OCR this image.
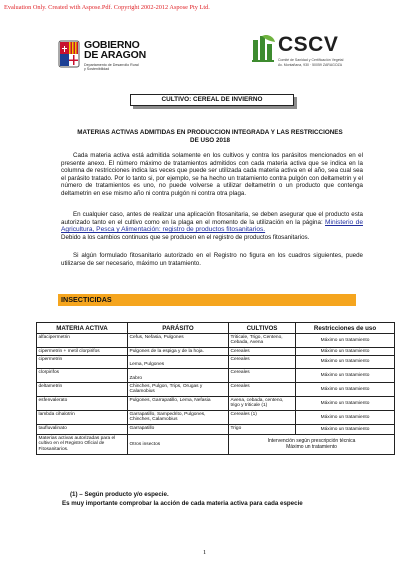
Evaluation Only. Created with Aspose.Pdf. Copyright 2002-2012 Aspose Pty Ltd.
GOBIERNO
DE ARAGON
Departamento de Desarrollo Rural
y Sostenibilidad
CSCV
Comité de Sanidad y Certificación Vegetal
Av. Montañana, 930 · 50059 ZARAGOZA
CULTIVO: CEREAL DE INVIERNO
MATERIAS ACTIVAS ADMITIDAS EN PRODUCCION INTEGRADA Y LAS RESTRICCIONES
DE USO 2018

Cada materia activa está admitida solamente en los cultivos y contra los parásitos mencionados en el presente anexo. El número máximo de tratamientos admitidos con cada materia activa que se indica en la columna de restricciones indica las veces que puede ser utilizada cada materia activa en el año, sea cual sea el parásito tratado. Por lo tanto si, por ejemplo, se ha hecho un tratamiento contra pulgón con deltametrin y el número de tratamientos es uno, no puede volverse a utilizar deltametrin o un producto que contenga deltametrin en ese mismo año ni contra pulgón ni contra otra plaga.

En cualquier caso, antes de realizar una aplicación fitosanitaria, se deben asegurar que el producto esta autorizado tanto en el cultivo como en la plaga en el momento de la utilización en la página: Ministerio de Agricultura, Pesca y Alimentación: registro de productos fitosanitarios.
Debido a los cambios continuos que se producen en el registro de productos fitosanitarios.

Si algún formulado fitosanitario autorizado en el Registro no figura en los cuadros siguientes, puede utilizarse de ser necesario, máximo un tratamiento.

INSECTICIDAS
MATERIA ACTIVA	PARÁSITO	CULTIVOS	Restricciones de uso
alfacipermetrin	Cefus, Nefasia, Pulgones	Triticale, Trigo, Centeno, Cebada, Avena	Máximo un tratamiento
cipermetrin + metil clorpirifos	Pulgones de la espiga y de la hoja.	Cereales	Máximo un tratamiento
cipermetrin	Lema, Pulgones	Cereales	Máximo un tratamiento
clorpirifos	Zabro	Cereales	Máximo un tratamiento
deltametrin	Chinches, Pulgon, Trips, Orugas y Calamobius	Cereales	Máximo un tratamiento
esfenvalerato	Pulgones, Garrapatillo, Lema, Nefasia	Avena, cebada, centeno, trigo y triticale (1)	Máximo un tratamiento
lambda cihalotrin	Garrapatillo, Sampedrito, Pulgones, Chinches, Calamobius	Cereales (1)	Máximo un tratamiento
taufluvalinato	Garrapatillo	Trigo	Máximo un tratamiento
Materias activas autorizadas para el cultivo en el Registro Oficial de Fitosanitarios.	Otros insectos	Intervención según prescripción técnica
Máximo un tratamiento	
(1) – Según producto y/o especie.
Es muy importante comprobar la acción de cada materia activa para cada especie
1
